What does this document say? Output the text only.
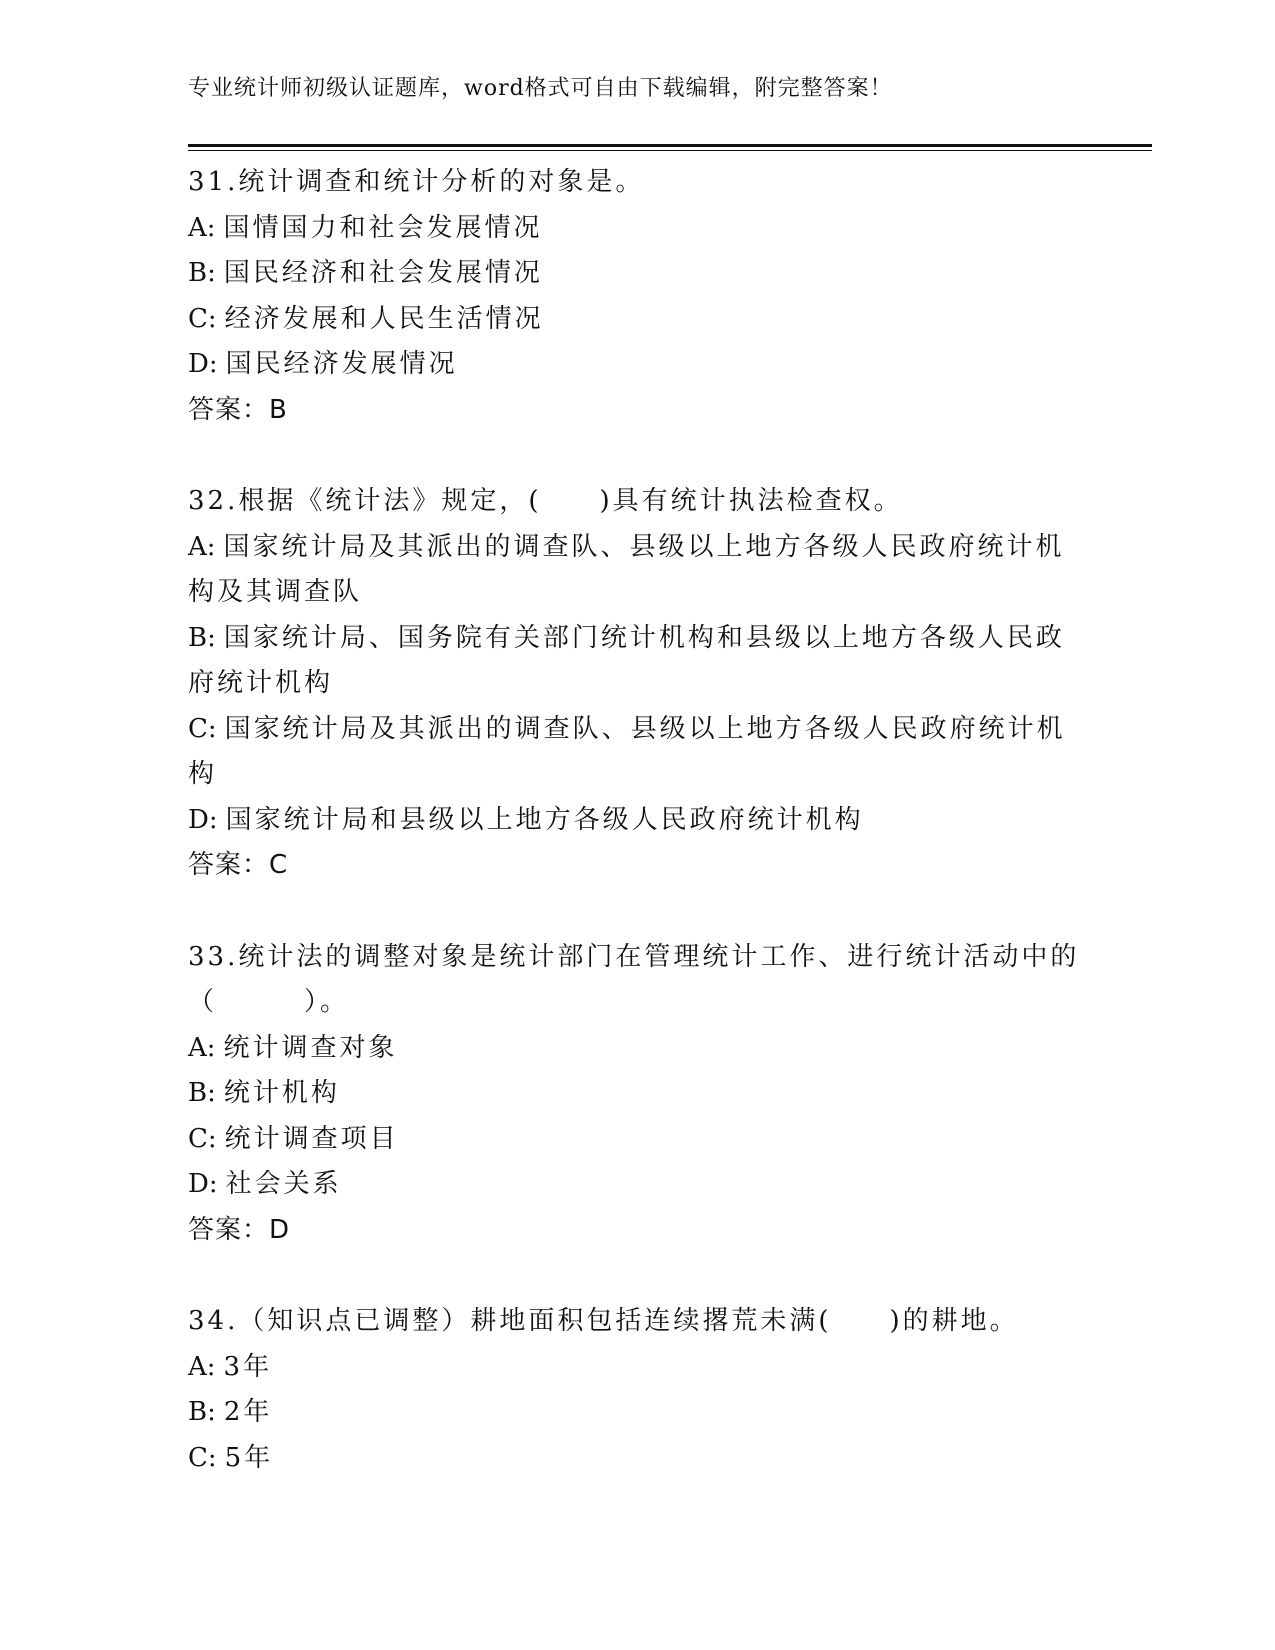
专业统计师初级认证题库，word格式可自由下载编辑，附完整答案！
31.统计调查和统计分析的对象是。
A: 国情国力和社会发展情况
B: 国民经济和社会发展情况
C: 经济发展和人民生活情况
D: 国民经济发展情况
答案：B
32.根据《统计法》规定，(　　)具有统计执法检查权。
A: 国家统计局及其派出的调查队、县级以上地方各级人民政府统计机
构及其调查队
B: 国家统计局、国务院有关部门统计机构和县级以上地方各级人民政
府统计机构
C: 国家统计局及其派出的调查队、县级以上地方各级人民政府统计机
构
D: 国家统计局和县级以上地方各级人民政府统计机构
答案：C
33.统计法的调整对象是统计部门在管理统计工作、进行统计活动中的
（　　　）。
A: 统计调查对象
B: 统计机构
C: 统计调查项目
D: 社会关系
答案：D
34.（知识点已调整）耕地面积包括连续撂荒未满(　　)的耕地。
A: 3年
B: 2年
C: 5年
